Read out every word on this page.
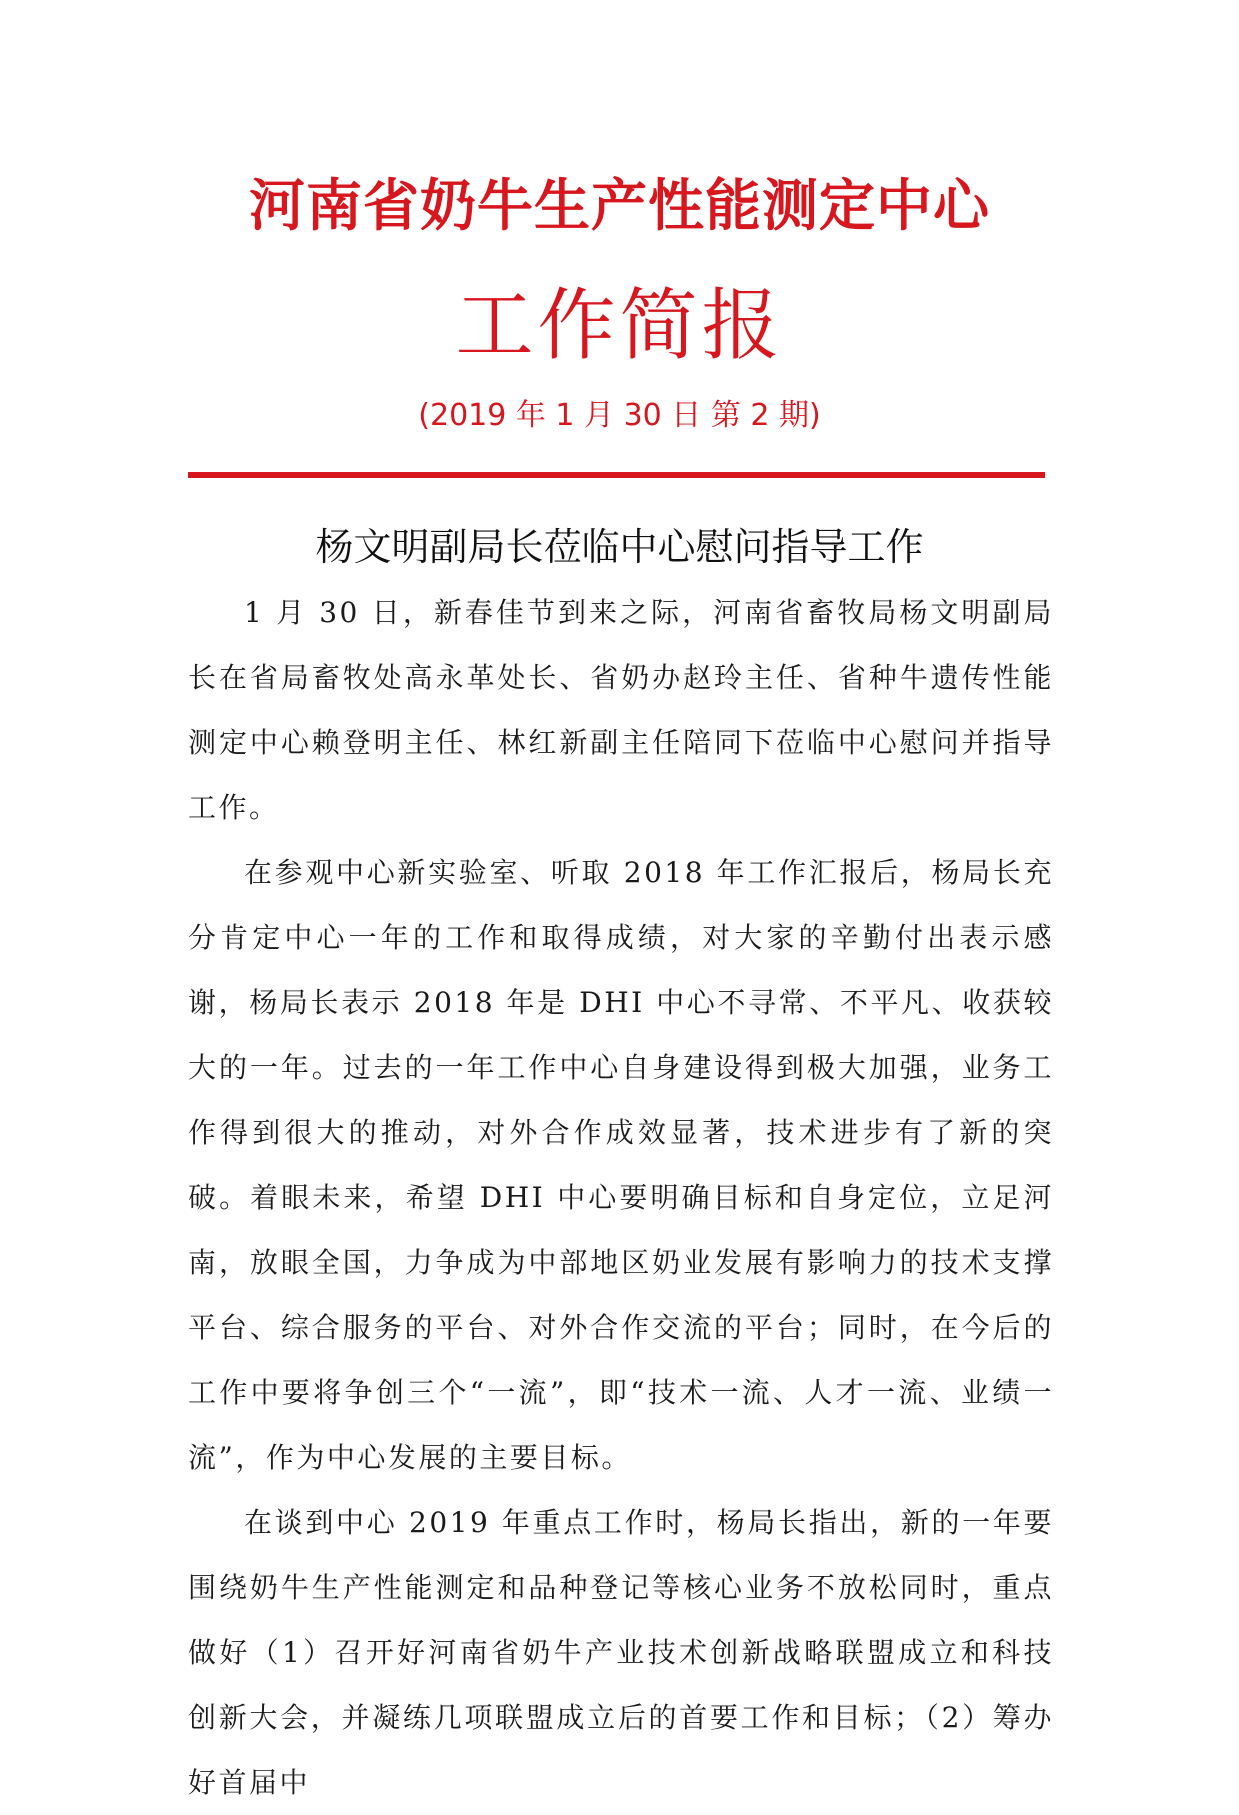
河南省奶牛生产性能测定中心
工作简报
(2019 年 1 月 30 日 第 2 期)
杨文明副局长莅临中心慰问指导工作

1 月 30 日，新春佳节到来之际，河南省畜牧局杨文明副局长在省局畜牧处高永革处长、省奶办赵玲主任、省种牛遗传性能测定中心赖登明主任、林红新副主任陪同下莅临中心慰问并指导工作。

在参观中心新实验室、听取 2018 年工作汇报后，杨局长充分肯定中心一年的工作和取得成绩，对大家的辛勤付出表示感谢，杨局长表示 2018 年是 DHI 中心不寻常、不平凡、收获较大的一年。过去的一年工作中心自身建设得到极大加强，业务工作得到很大的推动，对外合作成效显著，技术进步有了新的突破。着眼未来，希望 DHI 中心要明确目标和自身定位，立足河南，放眼全国，力争成为中部地区奶业发展有影响力的技术支撑平台、综合服务的平台、对外合作交流的平台；同时，在今后的工作中要将争创三个“一流”，即“技术一流、人才一流、业绩一流”，作为中心发展的主要目标。

在谈到中心 2019 年重点工作时，杨局长指出，新的一年要围绕奶牛生产性能测定和品种登记等核心业务不放松同时，重点做好（1）召开好河南省奶牛产业技术创新战略联盟成立和科技创新大会，并凝练几项联盟成立后的首要工作和目标；（2）筹办好首届中
